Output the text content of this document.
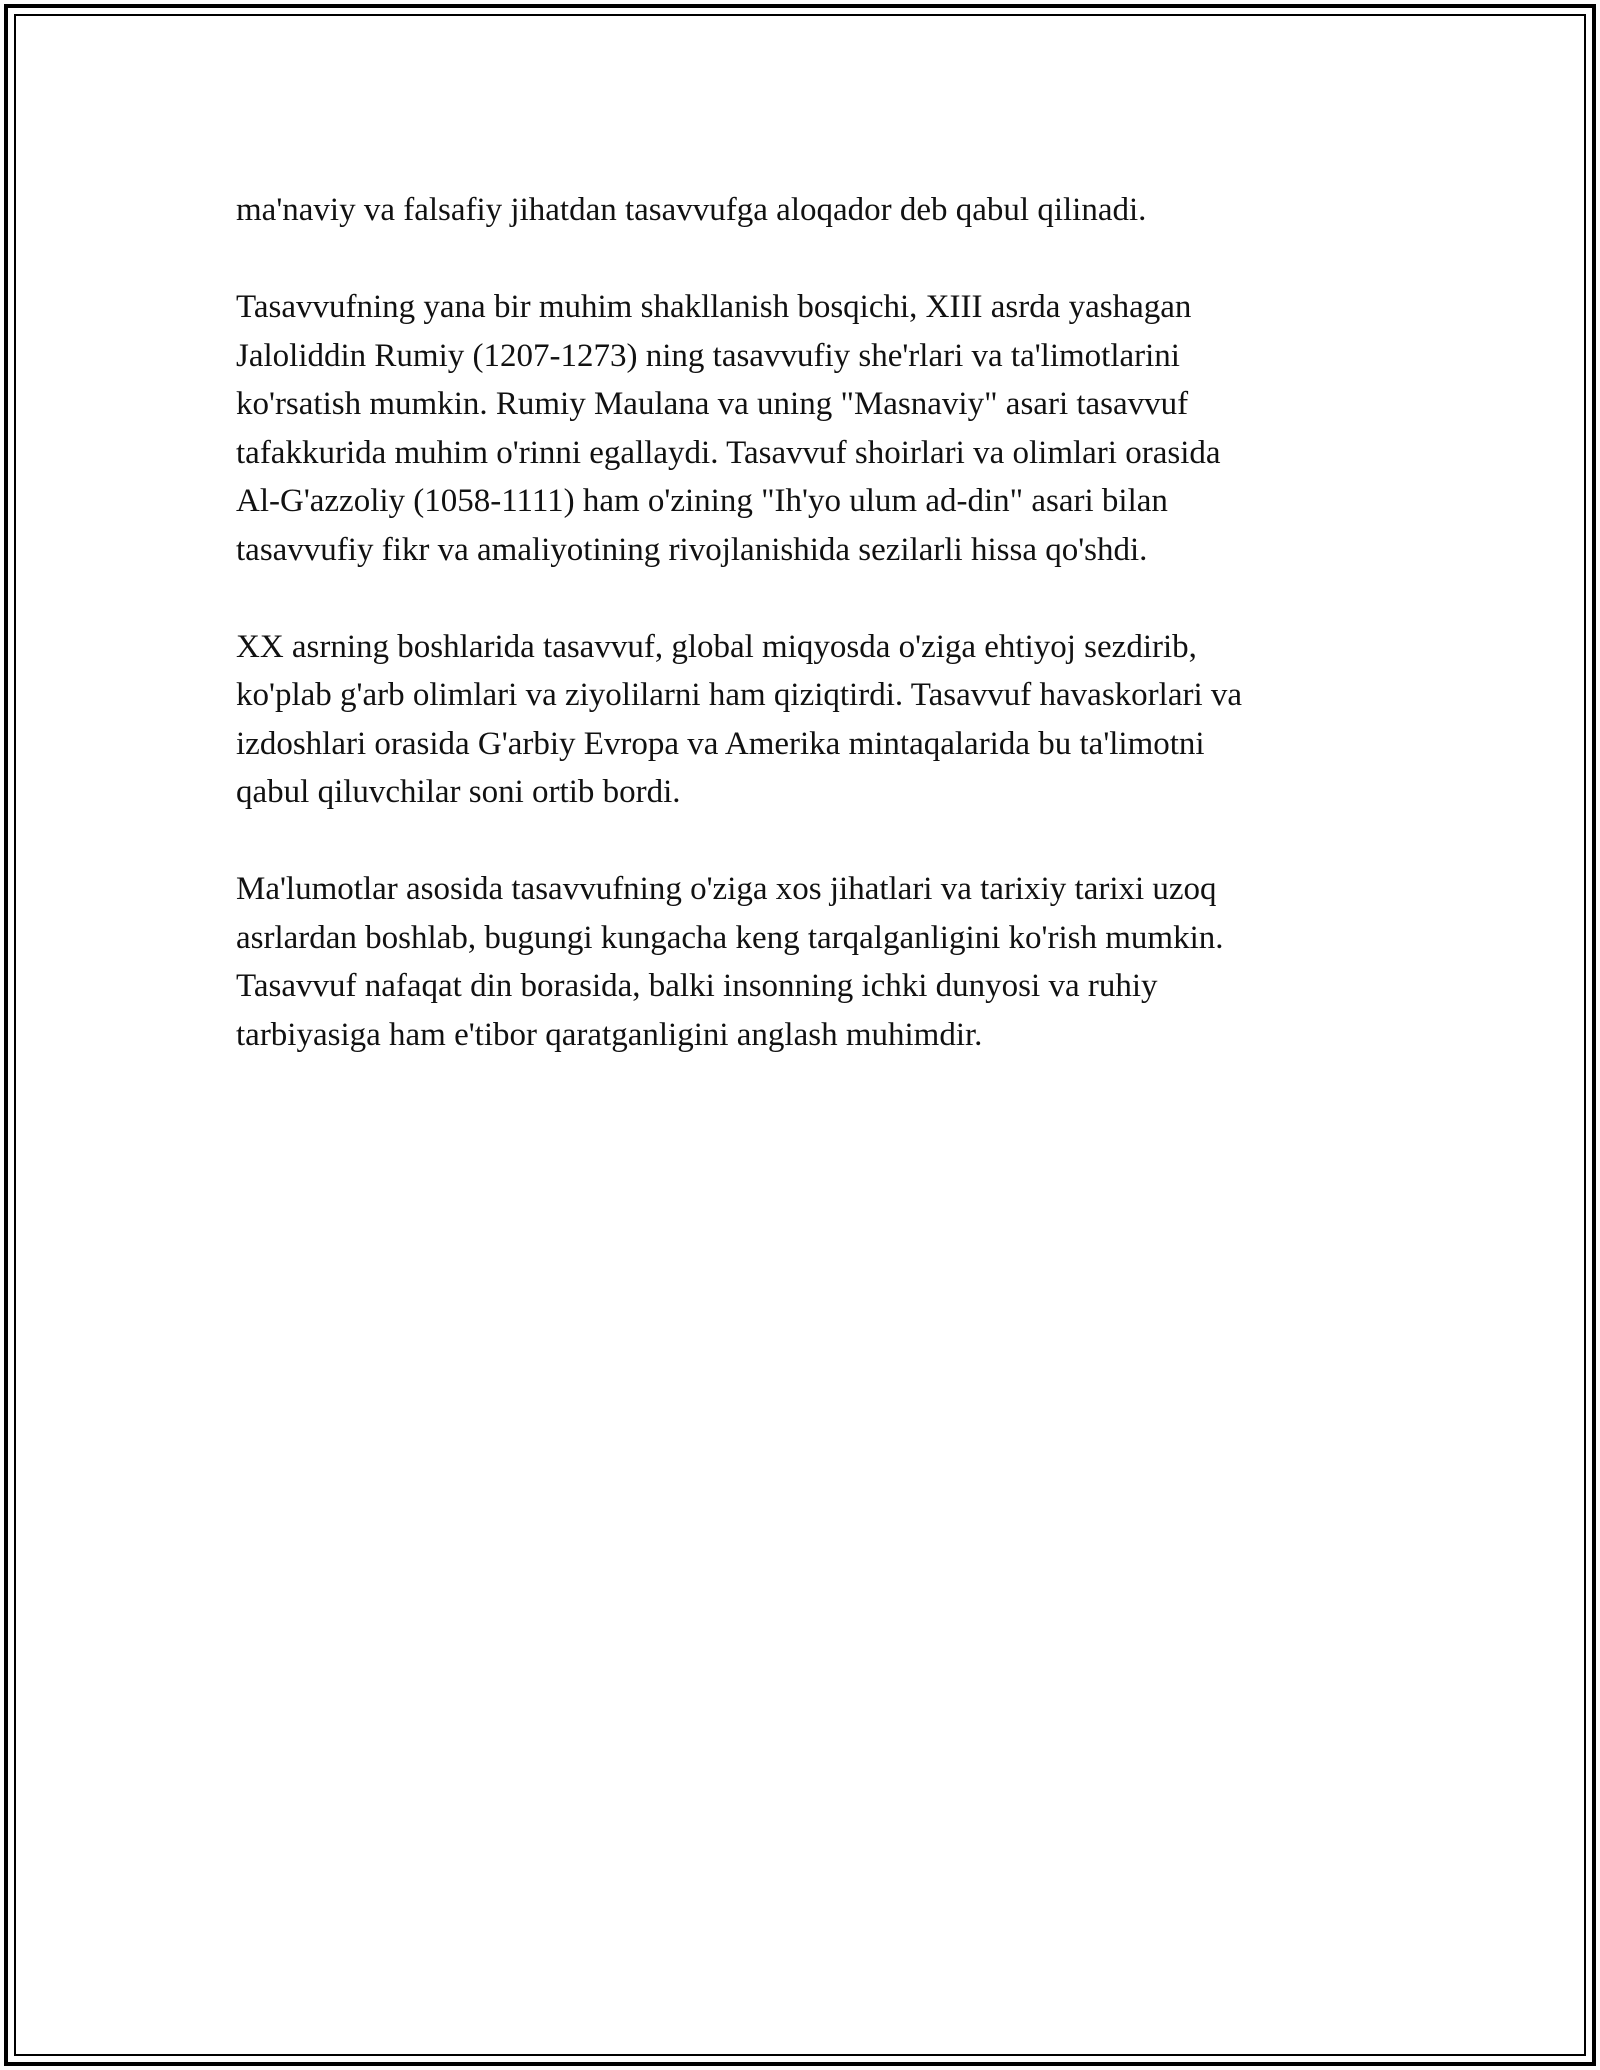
ma'naviy va falsafiy jihatdan tasavvufga aloqador deb qabul qilinadi.

Tasavvufning yana bir muhim shakllanish bosqichi, XIII asrda yashagan
Jaloliddin Rumiy (1207-1273) ning tasavvufiy she'rlari va ta'limotlarini
ko'rsatish mumkin. Rumiy Maulana va uning "Masnaviy" asari tasavvuf
tafakkurida muhim o'rinni egallaydi. Tasavvuf shoirlari va olimlari orasida
Al-G'azzoliy (1058-1111) ham o'zining "Ih'yo ulum ad-din" asari bilan
tasavvufiy fikr va amaliyotining rivojlanishida sezilarli hissa qo'shdi.

XX asrning boshlarida tasavvuf, global miqyosda o'ziga ehtiyoj sezdirib,
ko'plab g'arb olimlari va ziyolilarni ham qiziqtirdi. Tasavvuf havaskorlari va
izdoshlari orasida G'arbiy Evropa va Amerika mintaqalarida bu ta'limotni
qabul qiluvchilar soni ortib bordi.

Ma'lumotlar asosida tasavvufning o'ziga xos jihatlari va tarixiy tarixi uzoq
asrlardan boshlab, bugungi kungacha keng tarqalganligini ko'rish mumkin.
Tasavvuf nafaqat din borasida, balki insonning ichki dunyosi va ruhiy
tarbiyasiga ham e'tibor qaratganligini anglash muhimdir.
